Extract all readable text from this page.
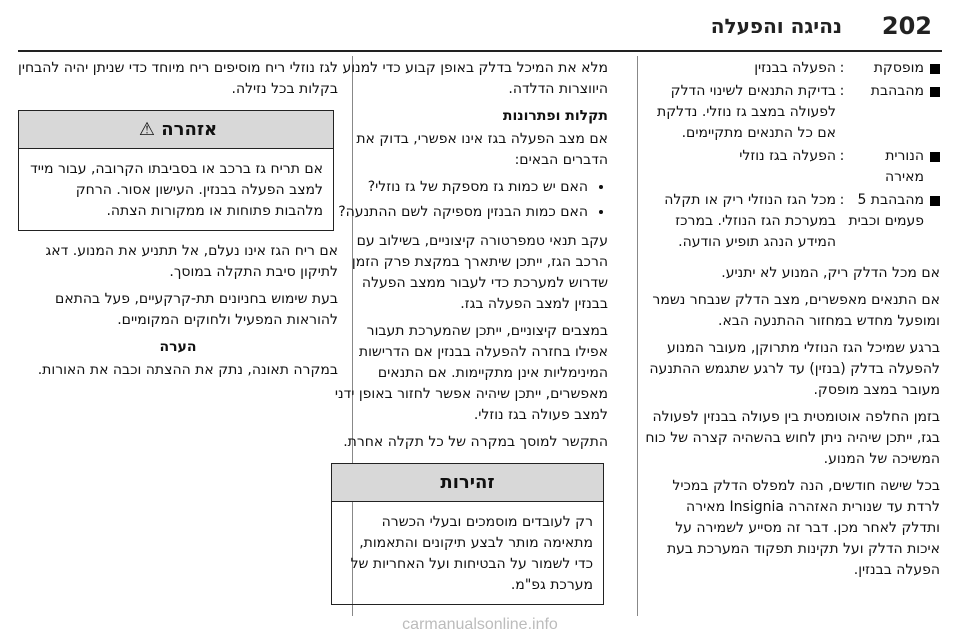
202
נהיגה והפעלה
מופסקת
:
הפעלה בבנזין
מהבהבת
:
בדיקת התנאים לשינוי הדלק לפעולה במצב גז נוזלי. נדלקת אם כל התנאים מתקיימים.
הנורית מאירה
:
הפעלה בגז נוזלי
מהבהבת 5 פעמים וכבית
:
מכל הגז הנוזלי ריק או תקלה במערכת הגז הנוזלי. במרכז המידע הנהג תופיע הודעה.

אם מכל הדלק ריק, המנוע לא יתניע.

אם התנאים מאפשרים, מצב הדלק שנבחר נשמר ומופעל מחדש במחזור ההתנעה הבא.

ברגע שמיכל הגז הנוזלי מתרוקן, מעובר המנוע להפעלה בדלק (בנזין) עד לרגע שתגמש ההתנעה מעובר במצב מופסק.

בזמן החלפה אוטומטית בין פעולה בבנזין לפעולה בגז, ייתכן שיהיה ניתן לחוש בהשהיה קצרה של כוח המשיכה של המנוע.

בכל שישה חודשים, הנה למפלס הדלק במכיל לרדת עד שנורית האזהרה Insignia מאירה ותדלק לאחר מכן. דבר זה מסייע לשמירה על איכות הדלק ועל תקינות תפקוד המערכת בעת הפעלה בבנזין.

מלא את המיכל בדלק באופן קבוע כדי למנוע היווצרות הדלדה.

תקלות ופתרונות

אם מצב הפעלה בגז אינו אפשרי, בדוק את הדברים הבאים:

• האם יש כמות גז מספקת של גז נוזלי?
• האם כמות הבנזין מספיקה לשם ההתנעה?

עקב תנאי טמפרטורה קיצוניים, בשילוב עם הרכב הגז, ייתכן שיתארך במקצת פרק הזמן שדרוש למערכת כדי לעבור ממצב הפעלה בבנזין למצב הפעלה בגז.

במצבים קיצוניים, ייתכן שהמערכת תעבור אפילו בחזרה להפעלה בבנזין אם הדרישות המינימליות אינן מתקיימות. אם התנאים מאפשרים, ייתכן שיהיה אפשר לחזור באופן ידני למצב פעולה בגז נוזלי.

התקשר למוסך במקרה של כל תקלה אחרת.

זהירות
רק לעובדים מוסמכים ובעלי הכשרה מתאימה מותר לבצע תיקונים והתאמות, כדי לשמור על הבטיחות ועל האחריות של מערכת גפ"מ.

לגז נוזלי ריח מוסיפים ריח מיוחד כדי שניתן יהיה להבחין בקלות בכל נזילה.

אזהרה ⚠
אם תריח גז ברכב או בסביבתו הקרובה, עבור מייד למצב הפעלה בבנזין. העישון אסור. הרחק מלהבות פתוחות או ממקורות הצתה.

אם ריח הגז אינו נעלם, אל תתניע את המנוע. דאג לתיקון סיבת התקלה במוסך.

בעת שימוש בחניונים תת-קרקעיים, פעל בהתאם להוראות המפעיל ולחוקים המקומיים.

הערה

במקרה תאונה, נתק את ההצתה וכבה את האורות.

carmanualsonline.info
